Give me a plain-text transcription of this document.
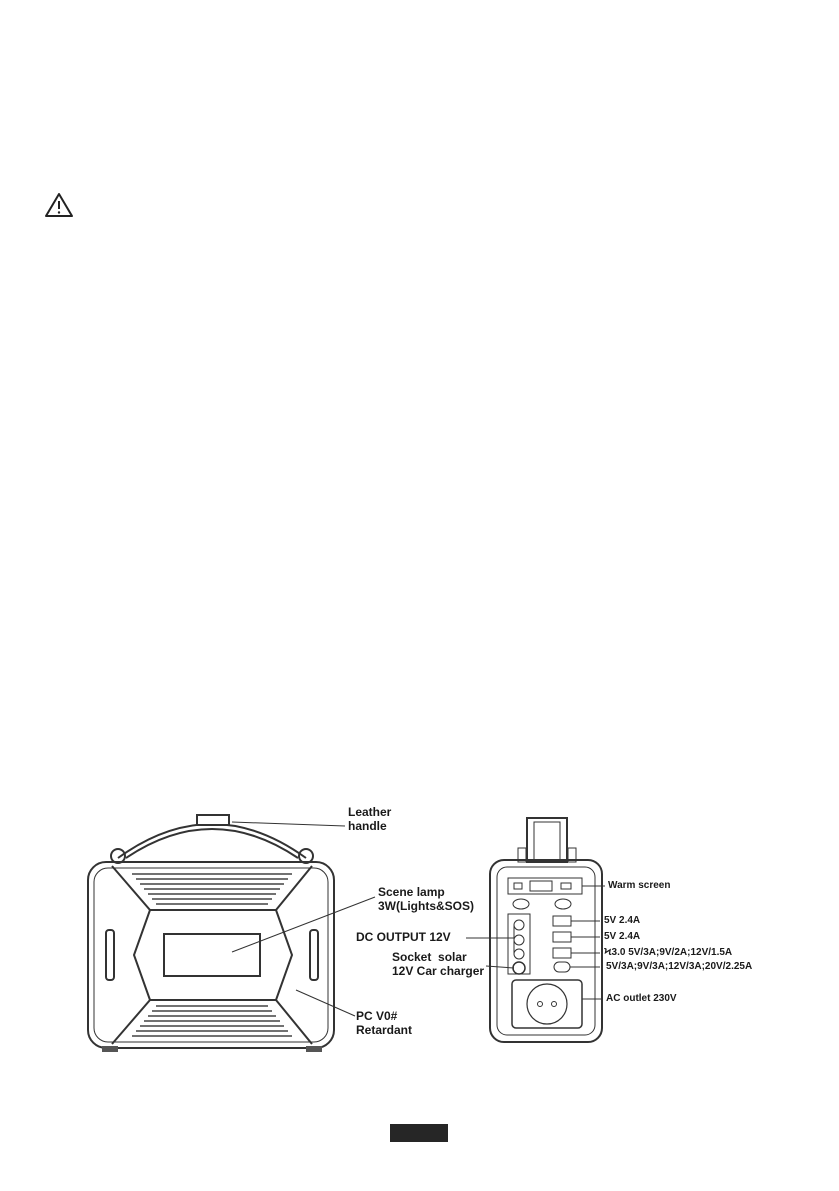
Leather
handle
Scene lamp
3W(Lights&SOS)
DC OUTPUT 12V
Socket  solar
12V Car charger
PC V0#
Retardant
Warm screen
5V 2.4A
5V 2.4A
Ϟ3.0 5V/3A;9V/2A;12V/1.5A
5V/3A;9V/3A;12V/3A;20V/2.25A
AC outlet 230V
